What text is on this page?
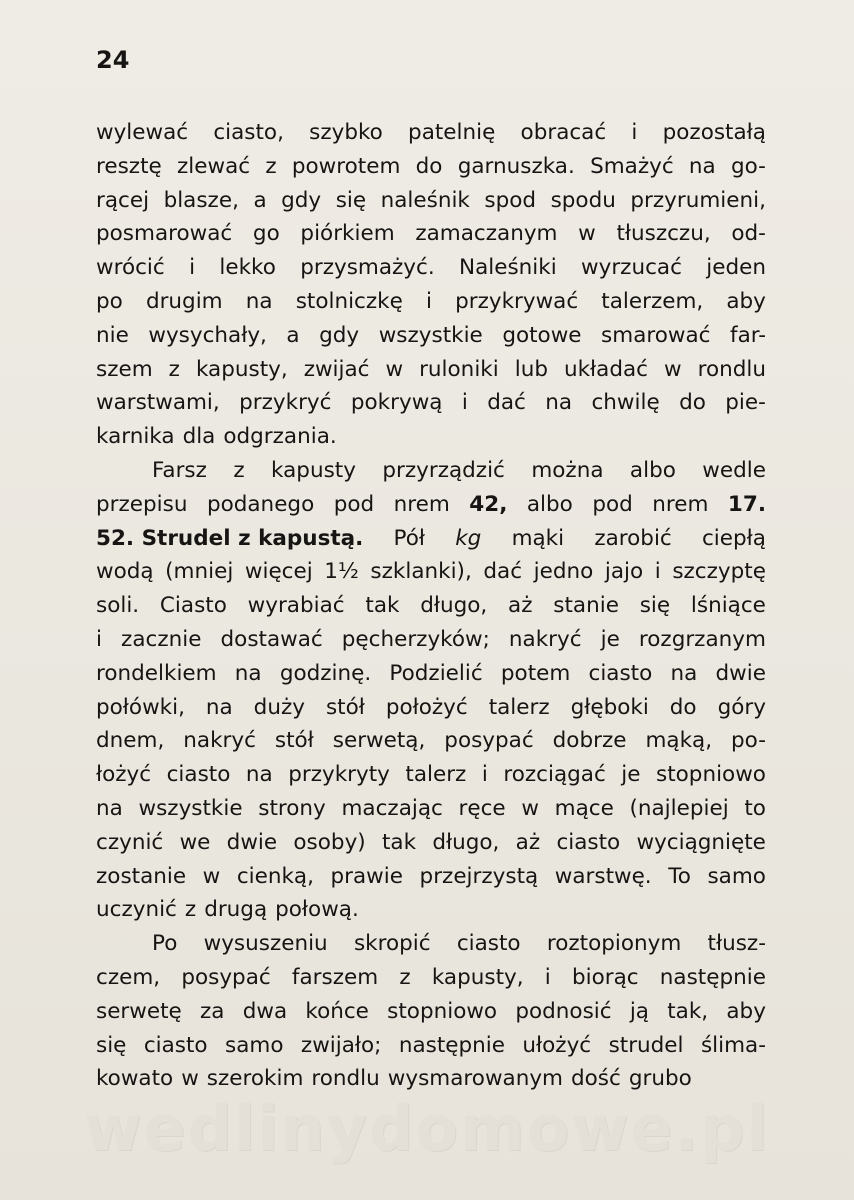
24
wylewać ciasto, szybko patelnię obracać i pozostałą
resztę zlewać z powrotem do garnuszka. Smażyć na go-
rącej blasze, a gdy się naleśnik spod spodu przyrumieni,
posmarować go piórkiem zamaczanym w tłuszczu, od-
wrócić i lekko przysmażyć. Naleśniki wyrzucać jeden
po drugim na stolniczkę i przykrywać talerzem, aby
nie wysychały, a gdy wszystkie gotowe smarować far-
szem z kapusty, zwijać w ruloniki lub układać w rondlu
warstwami, przykryć pokrywą i dać na chwilę do pie-
karnika dla odgrzania.
Farsz z kapusty przyrządzić można albo wedle
przepisu podanego pod nrem 42, albo pod nrem 17.
52. Strudel z kapustą. Pół kg mąki zarobić ciepłą
wodą (mniej więcej 1½ szklanki), dać jedno jajo i szczyptę
soli. Ciasto wyrabiać tak długo, aż stanie się lśniące
i zacznie dostawać pęcherzyków; nakryć je rozgrzanym
rondelkiem na godzinę. Podzielić potem ciasto na dwie
połówki, na duży stół położyć talerz głęboki do góry
dnem, nakryć stół serwetą, posypać dobrze mąką, po-
łożyć ciasto na przykryty talerz i rozciągać je stopniowo
na wszystkie strony maczając ręce w mące (najlepiej to
czynić we dwie osoby) tak długo, aż ciasto wyciągnięte
zostanie w cienką, prawie przejrzystą warstwę. To samo
uczynić z drugą połową.
Po wysuszeniu skropić ciasto roztopionym tłusz-
czem, posypać farszem z kapusty, i biorąc następnie
serwetę za dwa końce stopniowo podnosić ją tak, aby
się ciasto samo zwijało; następnie ułożyć strudel ślima-
kowato w szerokim rondlu wysmarowanym dość grubo
wedlinydomowe.pl
